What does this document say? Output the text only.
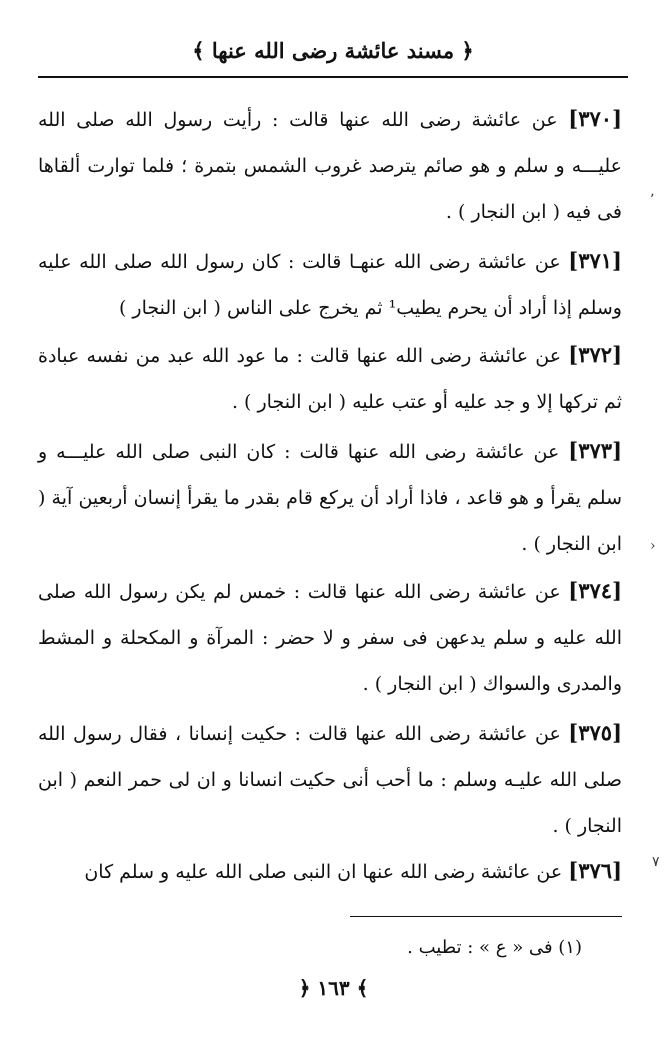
﴿ مسند عائشة رضى الله عنها ﴾

[٣٧٠] عن عائشة رضى الله عنها قالت : رأيت رسول الله صلى الله عليـــه و سلم و هو صائم يترصد غروب الشمس بتمرة ؛ فلما توارت ألقاها فى فيه ( ابن النجار ) .

[٣٧١] عن عائشة رضى الله عنهـا قالت : كان رسول الله صلى الله عليه وسلم إذا أراد أن يحرم يطيب¹ ثم يخرج على الناس ( ابن النجار )

[٣٧٢] عن عائشة رضى الله عنها قالت : ما عود الله عبد من نفسه عبادة ثم تركها إلا و جد عليه أو عتب عليه ( ابن النجار ) .

[٣٧٣] عن عائشة رضى الله عنها قالت : كان النبى صلى الله عليـــه و سلم يقرأ و هو قاعد ، فاذا أراد أن يركع قام بقدر ما يقرأ إنسان أربعين آية ( ابن النجار ) .

[٣٧٤] عن عائشة رضى الله عنها قالت : خمس لم يكن رسول الله صلى الله عليه و سلم يدعهن فى سفر و لا حضر : المرآة و المكحلة و المشط والمدرى والسواك ( ابن النجار ) .

[٣٧٥] عن عائشة رضى الله عنها قالت : حكيت إنسانا ، فقال رسول الله صلى الله عليـه وسلم : ما أحب أنى حكيت انسانا و ان لى حمر النعم ( ابن النجار ) .

[٣٧٦] عن عائشة رضى الله عنها ان النبى صلى الله عليه و سلم كان

(١) فى « ع » : تطيب .
﴿ ١٦٣ ﴾
٬
›
٧
